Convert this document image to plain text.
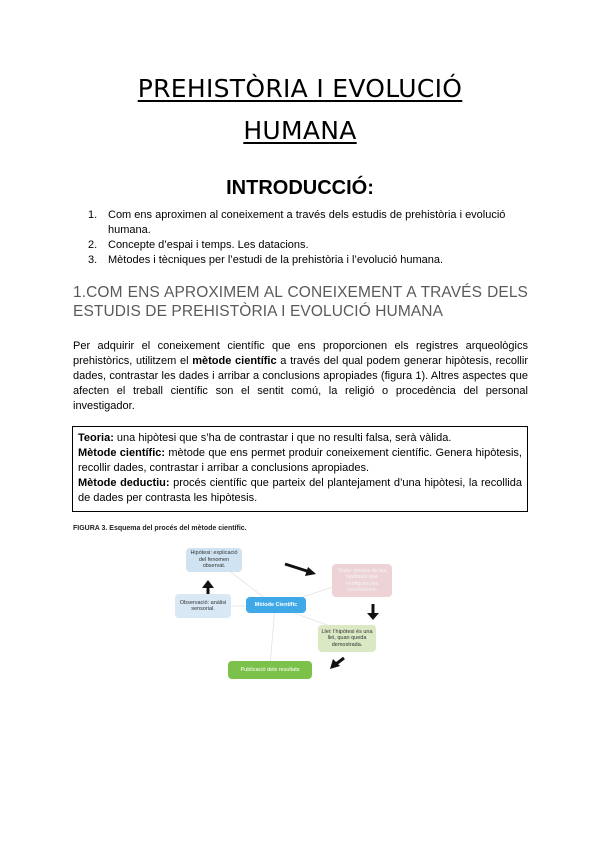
PREHISTÒRIA I EVOLUCIÓ
HUMANA
INTRODUCCIÓ:
1. Com ens aproximen al coneixement a través dels estudis de prehistòria i evolució humana.
2. Concepte d’espai i temps. Les datacions.
3. Mètodes i tècniques per l’estudi de la prehistòria i l’evolució humana.
1.COM ENS APROXIMEM AL CONEIXEMENT A TRAVÉS DELS ESTUDIS DE PREHISTÒRIA I EVOLUCIÓ HUMANA
Per adquirir el coneixement científic que ens proporcionen els registres arqueològics prehistòrics, utilitzem el mètode científic a través del qual podem generar hipòtesis, recollir dades, contrastar les dades i arribar a conclusions apropiades (figura 1). Altres aspectes que afecten el treball científic son el sentit comú, la religió o procedència del personal investigador.
Teoria: una hipòtesi que s’ha de contrastar i que no resulti falsa, serà vàlida.
Mètode científic: mètode que ens permet produir coneixement científic. Genera hipòtesis, recollir dades, contrastar i arribar a conclusions apropiades.
Mètode deductiu: procés científic que parteix del plantejament d’una hipòtesi, la recollida de dades per contrasta les hipòtesis.
FIGURA 3. Esquema del procés del mètode científic.
Hipòtesi: explicació del fenomen observat.
Tests: proves de les hipòtesis que verifiquen les conclusions.
Observació: anàlisi sensorial.
Mètode Científic
Llei: l’hipòtesi és una llei, quan queda demostrada.
Publicació dels resultats
